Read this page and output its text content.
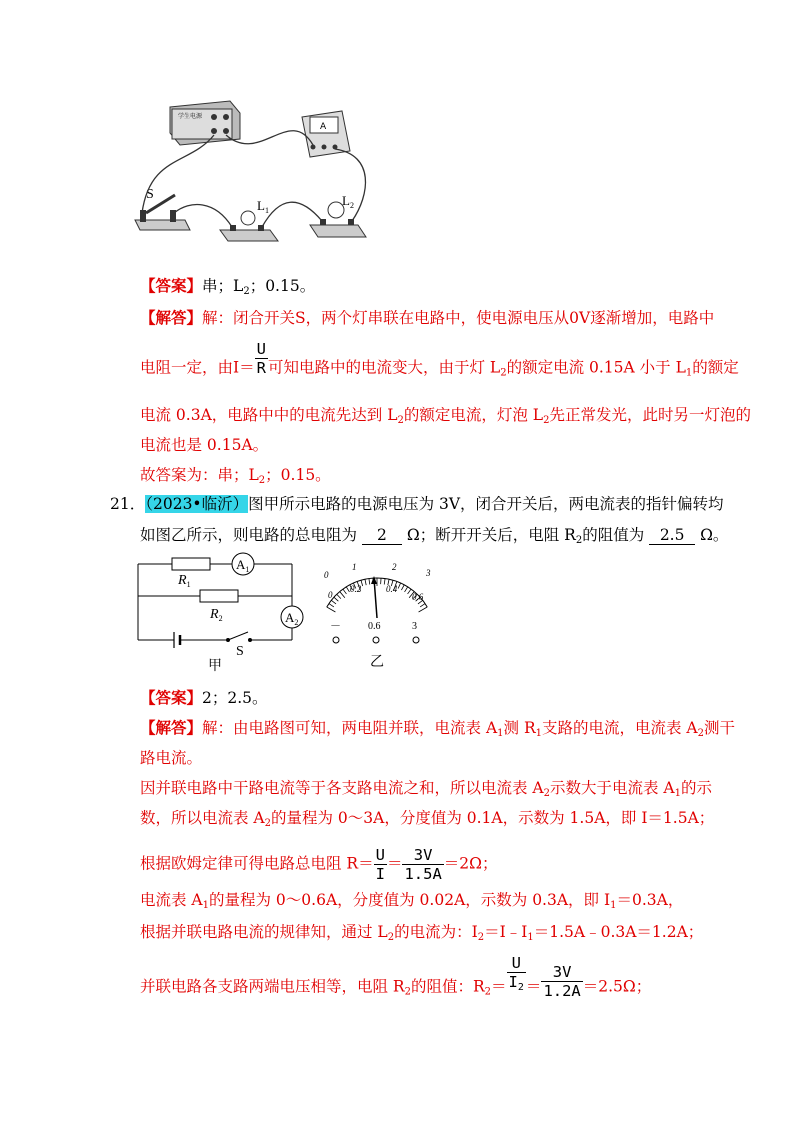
学生电源
A
S
$L_1$
$L_2$
【答案】串；$L_2$；0.15。
【解答】解：闭合开关S，两个灯串联在电路中，使电源电压从0V逐渐增加，电路中
电阻一定，由$I= \frac{U}{R}$ 可知电路中的电流变大，由于灯 $L_2$的额定电流 0.15A 小于 $L_1$的额定
电流 0.3A，电路中中的电流先达到 $L_2$的额定电流，灯泡 $L_2$先正常发光，此时另一灯泡的
电流也是 0.15A。
故答案为：串；$L_2$；0.15。
21．（2023•临沂）图甲所示电路的电源电压为 3V，闭合开关后，两电流表的指针偏转均
如图乙所示，则电路的总电阻为 2 Ω；断开开关后，电阻 $R_2$的阻值为 2.5 Ω。
$A_1$
$R_1$
$R_2$	$A_2$
S
甲
0
1	2
3
0
0.2	0.4
0.6
－	0.6	3
乙
【答案】2；2.5。
【解答】解：由电路图可知，两电阻并联，电流表 $A_1$测 $R_1$支路的电流，电流表 $A_2$测干
路电流。
因并联电路中干路电流等于各支路电流之和，所以电流表 $A_2$示数大于电流表 $A_1$的示
数，所以电流表 $A_2$的量程为 0～3A，分度值为 0.1A，示数为 1.5A，即 I＝1.5A；
根据欧姆定律可得电路总电阻 $R= \frac{U}{I} = \frac{3V}{1.5A} =2\Omega$；
电流表 $A_1$的量程为 0～0.6A，分度值为 0.02A，示数为 0.3A，即 $I_1=0.3A$，
根据并联电路电流的规律知，通过 $L_2$的电流为：$I_2=I﹣I_1=1.5A﹣0.3A=1.2A$；
并联电路各支路两端电压相等，电阻 $R_2$的阻值：$R_2= \frac{U}{I_2} = \frac{3V}{1.2A} =2.5\Omega$；
